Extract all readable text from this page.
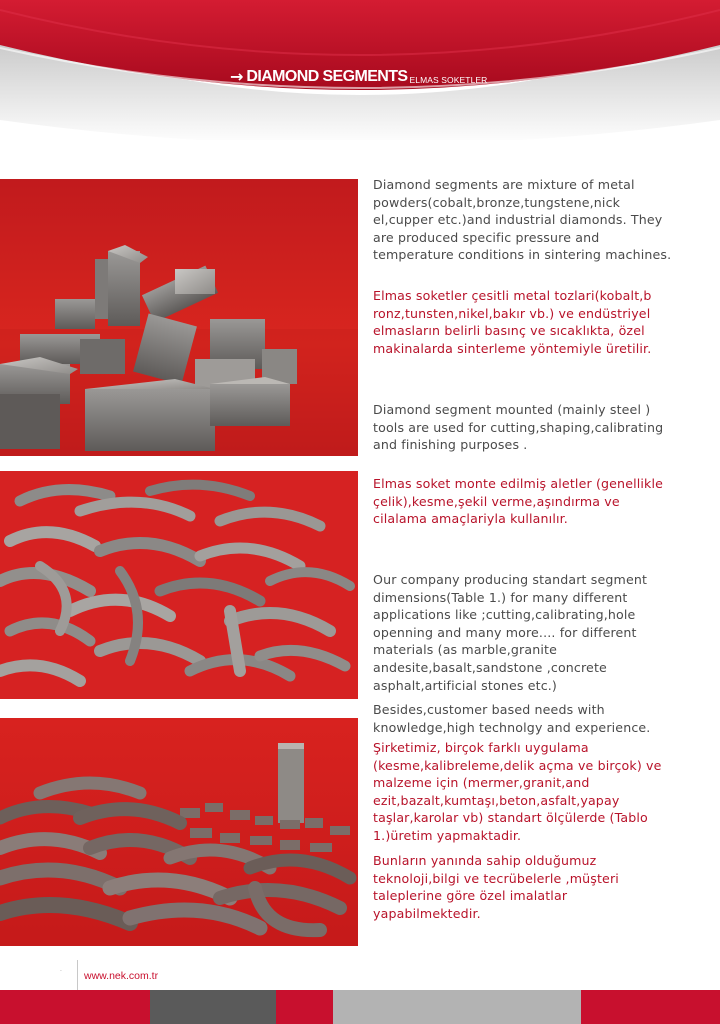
→ DIAMOND SEGMENTS ELMAS SOKETLER

Diamond segments are mixture of metal powders(cobalt,bronze,tungstene,nick el,cupper etc.)and industrial diamonds. They are produced specific pressure and temperature conditions in sintering machines.

Elmas soketler çesitli metal tozlari(kobalt,b ronz,tunsten,nikel,bakır vb.) ve endüstriyel elmasların belirli basınç ve sıcaklıkta, özel makinalarda sinterleme yöntemiyle üretilir.

Diamond segment mounted (mainly steel ) tools are used for cutting,shaping,calibrating and finishing purposes .

Elmas soket monte edilmiş aletler (genellikle çelik),kesme,şekil verme,aşındırma ve cilalama amaçlariyla kullanılır.

Our company producing standart segment dimensions(Table 1.) for many different applications like ;cutting,calibrating,hole openning and many more.... for different materials (as marble,granite andesite,basalt,sandstone ,concrete asphalt,artificial stones etc.)

Besides,customer based needs with knowledge,high technolgy and experience.

Şirketimiz, birçok farklı uygulama (kesme,kalibreleme,delik açma ve birçok) ve malzeme için (mermer,granit,and ezit,bazalt,kumtaşı,beton,asfalt,yapay taşlar,karolar vb) standart ölçülerde (Tablo 1.)üretim yapmaktadir.

Bunların yanında sahip olduğumuz teknoloji,bilgi ve tecrübelerle ,müşteri taleplerine göre özel imalatlar yapabilmektedir.

· www.nek.com.tr
